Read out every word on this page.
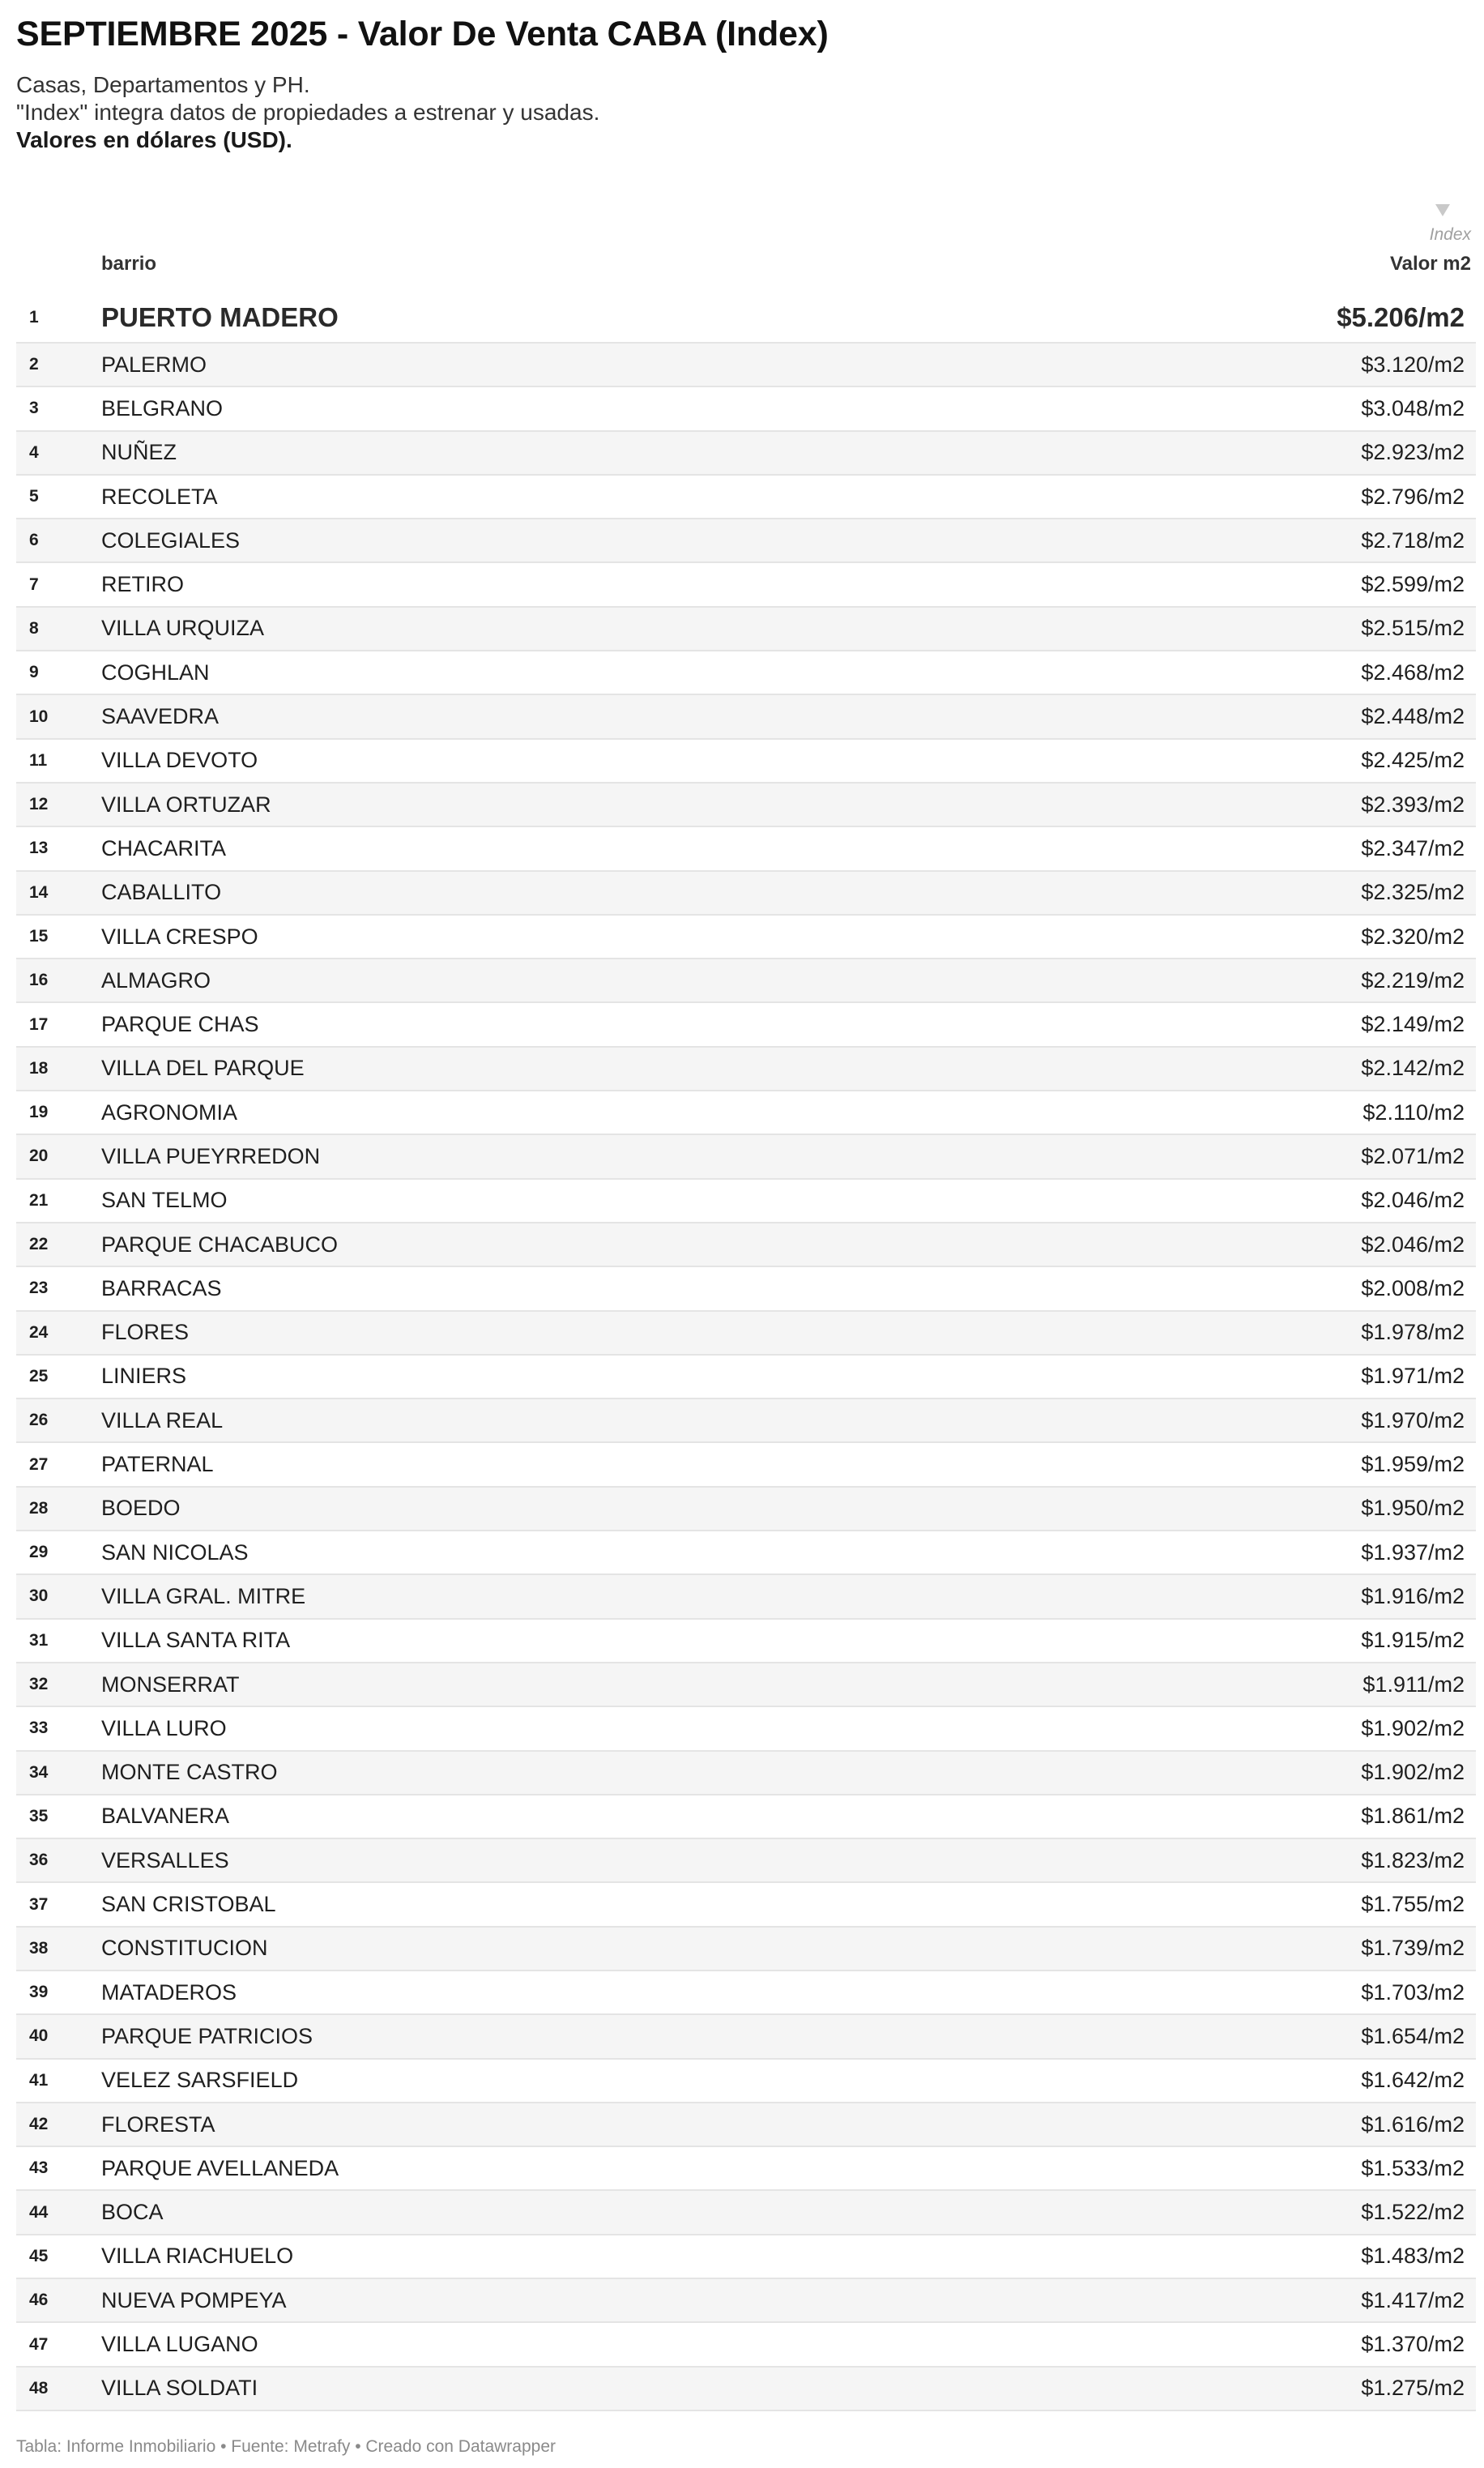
SEPTIEMBRE 2025 - Valor De Venta CABA (Index)
Casas, Departamentos y PH.
"Index" integra datos de propiedades a estrenar y usadas.
Valores en dólares (USD).
Index
barrio	Valor m2
1 PUERTO MADERO	$5.206/m2
2	PALERMO	$3.120/m2
3	BELGRANO	$3.048/m2
4	NUÑEZ	$2.923/m2
5	RECOLETA	$2.796/m2
6	COLEGIALES	$2.718/m2
7	RETIRO	$2.599/m2
8	VILLA URQUIZA	$2.515/m2
9	COGHLAN	$2.468/m2
10 SAAVEDRA	$2.448/m2
11 VILLA DEVOTO	$2.425/m2
12 VILLA ORTUZAR	$2.393/m2
13 CHACARITA	$2.347/m2
14 CABALLITO	$2.325/m2
15 VILLA CRESPO	$2.320/m2
16 ALMAGRO	$2.219/m2
17 PARQUE CHAS	$2.149/m2
18 VILLA DEL PARQUE	$2.142/m2
19 AGRONOMIA	$2.110/m2
20 VILLA PUEYRREDON	$2.071/m2
21 SAN TELMO	$2.046/m2
22 PARQUE CHACABUCO	$2.046/m2
23 BARRACAS	$2.008/m2
24 FLORES	$1.978/m2
25 LINIERS	$1.971/m2
26 VILLA REAL	$1.970/m2
27 PATERNAL	$1.959/m2
28 BOEDO	$1.950/m2
29 SAN NICOLAS	$1.937/m2
30 VILLA GRAL. MITRE	$1.916/m2
31 VILLA SANTA RITA	$1.915/m2
32 MONSERRAT	$1.911/m2
33 VILLA LURO	$1.902/m2
34 MONTE CASTRO	$1.902/m2
35 BALVANERA	$1.861/m2
36 VERSALLES	$1.823/m2
37 SAN CRISTOBAL	$1.755/m2
38 CONSTITUCION	$1.739/m2
39 MATADEROS	$1.703/m2
40 PARQUE PATRICIOS	$1.654/m2
41 VELEZ SARSFIELD	$1.642/m2
42 FLORESTA	$1.616/m2
43 PARQUE AVELLANEDA	$1.533/m2
44 BOCA	$1.522/m2
45 VILLA RIACHUELO	$1.483/m2
46 NUEVA POMPEYA	$1.417/m2
47 VILLA LUGANO	$1.370/m2
48 VILLA SOLDATI	$1.275/m2
Tabla: Informe Inmobiliario • Fuente: Metrafy • Creado con Datawrapper
